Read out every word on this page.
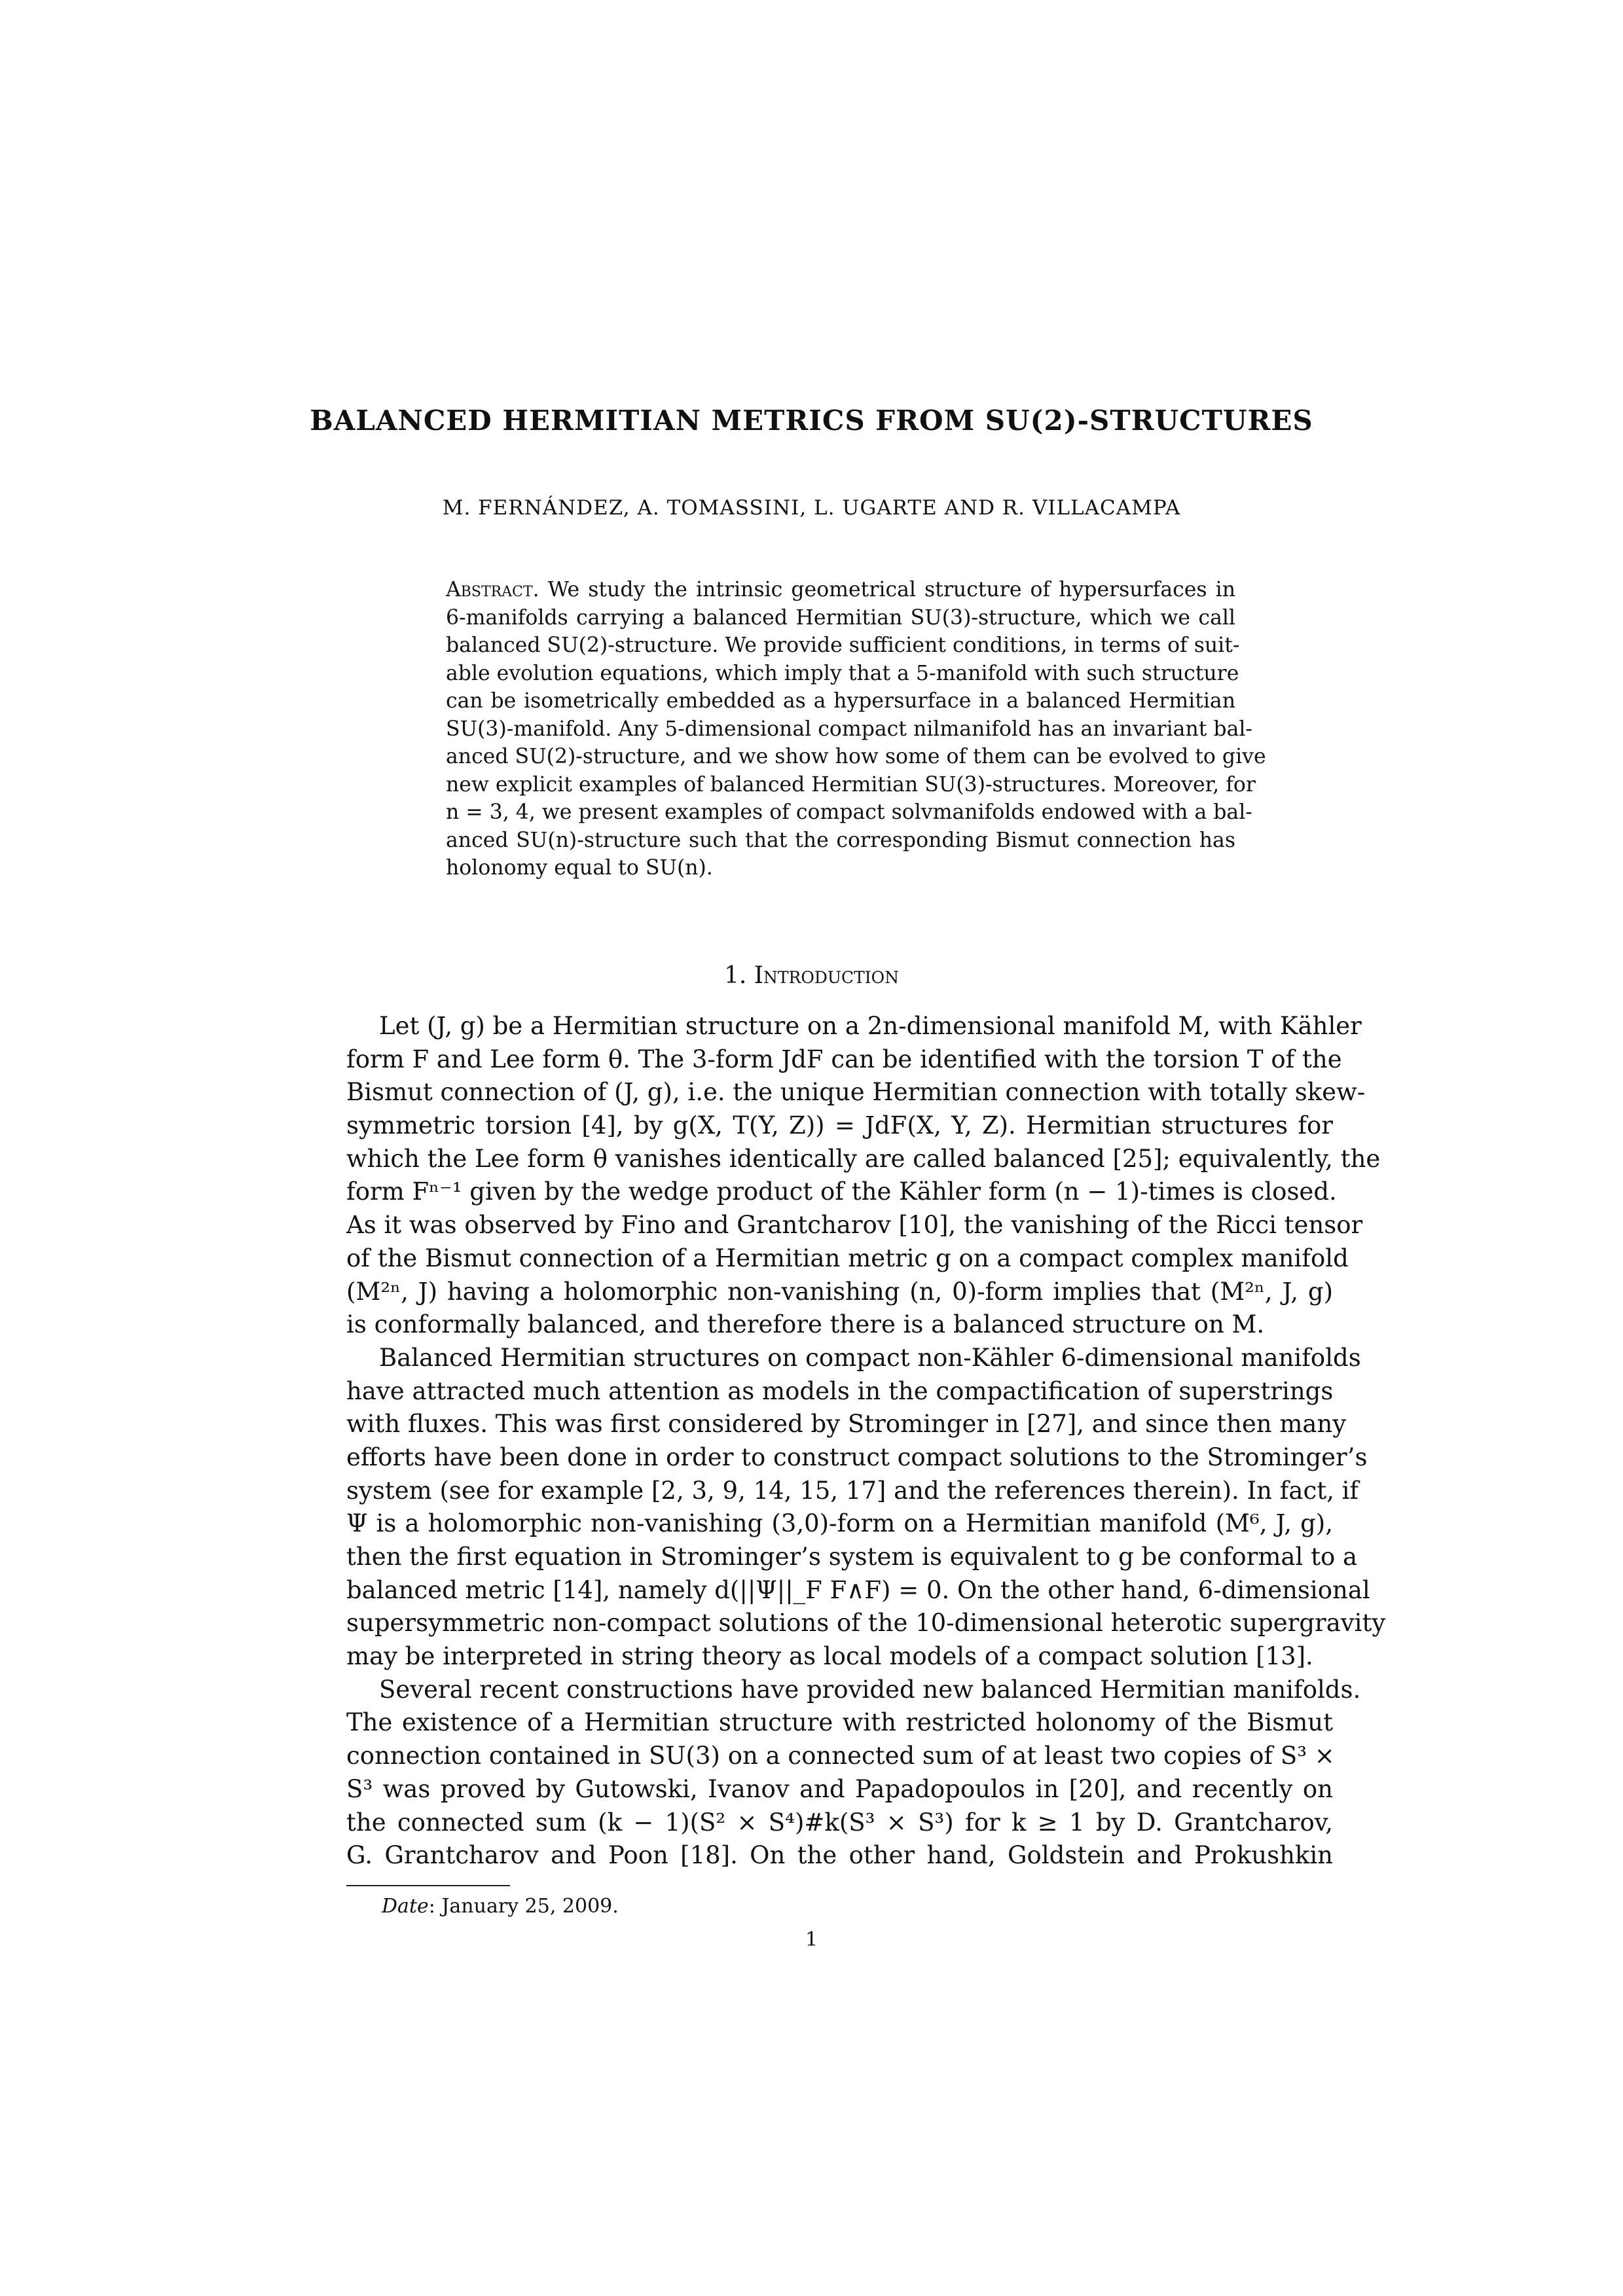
BALANCED HERMITIAN METRICS FROM SU(2)-STRUCTURES
M. FERNÁNDEZ, A. TOMASSINI, L. UGARTE AND R. VILLACAMPA
Abstract. We study the intrinsic geometrical structure of hypersurfaces in
6-manifolds carrying a balanced Hermitian SU(3)-structure, which we call
balanced SU(2)-structure. We provide sufficient conditions, in terms of suit-
able evolution equations, which imply that a 5-manifold with such structure
can be isometrically embedded as a hypersurface in a balanced Hermitian
SU(3)-manifold. Any 5-dimensional compact nilmanifold has an invariant bal-
anced SU(2)-structure, and we show how some of them can be evolved to give
new explicit examples of balanced Hermitian SU(3)-structures. Moreover, for
n = 3, 4, we present examples of compact solvmanifolds endowed with a bal-
anced SU(n)-structure such that the corresponding Bismut connection has
holonomy equal to SU(n).
1. Introduction
Let (J, g) be a Hermitian structure on a 2n-dimensional manifold M, with Kähler
form F and Lee form θ. The 3-form JdF can be identified with the torsion T of the
Bismut connection of (J, g), i.e. the unique Hermitian connection with totally skew-
symmetric torsion [4], by g(X, T(Y, Z)) = JdF(X, Y, Z). Hermitian structures for
which the Lee form θ vanishes identically are called balanced [25]; equivalently, the
form Fⁿ⁻¹ given by the wedge product of the Kähler form (n − 1)-times is closed.
As it was observed by Fino and Grantcharov [10], the vanishing of the Ricci tensor
of the Bismut connection of a Hermitian metric g on a compact complex manifold
(M²ⁿ, J) having a holomorphic non-vanishing (n, 0)-form implies that (M²ⁿ, J, g)
is conformally balanced, and therefore there is a balanced structure on M.
Balanced Hermitian structures on compact non-Kähler 6-dimensional manifolds
have attracted much attention as models in the compactification of superstrings
with fluxes. This was first considered by Strominger in [27], and since then many
efforts have been done in order to construct compact solutions to the Strominger’s
system (see for example [2, 3, 9, 14, 15, 17] and the references therein). In fact, if
Ψ is a holomorphic non-vanishing (3,0)-form on a Hermitian manifold (M⁶, J, g),
then the first equation in Strominger’s system is equivalent to g be conformal to a
balanced metric [14], namely d(||Ψ||_F F∧F) = 0. On the other hand, 6-dimensional
supersymmetric non-compact solutions of the 10-dimensional heterotic supergravity
may be interpreted in string theory as local models of a compact solution [13].
Several recent constructions have provided new balanced Hermitian manifolds.
The existence of a Hermitian structure with restricted holonomy of the Bismut
connection contained in SU(3) on a connected sum of at least two copies of S³ ×
S³ was proved by Gutowski, Ivanov and Papadopoulos in [20], and recently on
the connected sum (k − 1)(S² × S⁴)#k(S³ × S³) for k ≥ 1 by D. Grantcharov,
G. Grantcharov and Poon [18]. On the other hand, Goldstein and Prokushkin
Date: January 25, 2009.
1
